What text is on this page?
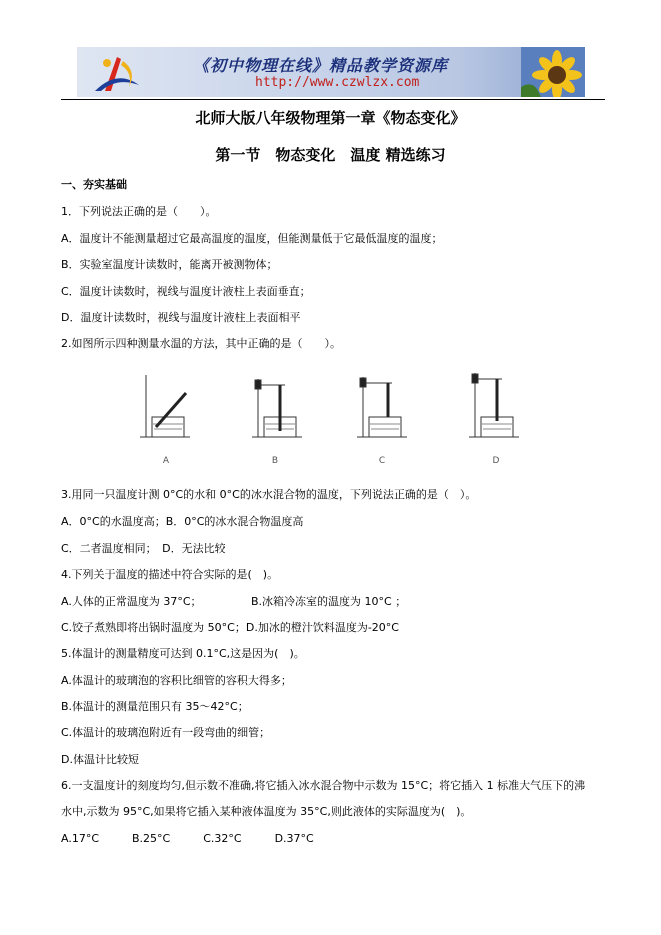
《初中物理在线》精品教学资源库
http://www.czwlzx.com
北师大版八年级物理第一章《物态变化》
第一节　物态变化　温度 精选练习
一、夯实基础
1．下列说法正确的是（　　）。
A．温度计不能测量超过它最高温度的温度，但能测量低于它最低温度的温度；
B．实验室温度计读数时，能离开被测物体；
C．温度计读数时，视线与温度计液柱上表面垂直；
D．温度计读数时，视线与温度计液柱上表面相平
2.如图所示四种测量水温的方法，其中正确的是（　　）。
A	B	C	D
3.用同一只温度计测 0°C的水和 0°C的冰水混合物的温度，下列说法正确的是（　）。
A．0°C的水温度高；B．0°C的冰水混合物温度高
C．二者温度相同；　D．无法比较
4.下列关于温度的描述中符合实际的是(　)。
A.人体的正常温度为 37°C；　　　　　B.冰箱冷冻室的温度为 10°C ；
C.饺子煮熟即将出锅时温度为 50°C；D.加冰的橙汁饮料温度为-20°C
5.体温计的测量精度可达到 0.1°C,这是因为(　)。
A.体温计的玻璃泡的容积比细管的容积大得多；
B.体温计的测量范围只有 35～42°C；
C.体温计的玻璃泡附近有一段弯曲的细管；
D.体温计比较短
6.一支温度计的刻度均匀,但示数不准确,将它插入冰水混合物中示数为 15°C；将它插入 1 标准大气压下的沸
水中,示数为 95°C,如果将它插入某种液体温度为 35°C,则此液体的实际温度为(　)。
A.17°C　　　B.25°C　　　C.32°C　　　D.37°C
